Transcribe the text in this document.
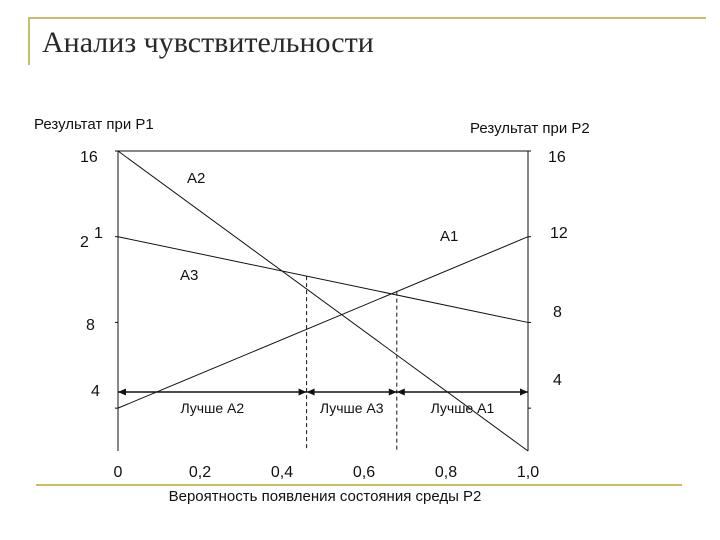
Анализ чувствительности
А1
А2
А3
Лучше А2	Лучше А3	Лучше А1
0	0,2	0,4	0,6	0,8	1,0
16
2
1
8
4
16
12
8
4
Результат при Р1	Результат при Р2
Вероятность появления состояния среды Р2
